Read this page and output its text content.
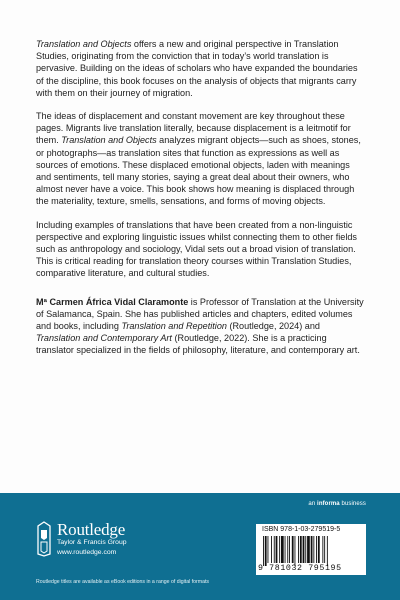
Translation and Objects offers a new and original perspective in Translation Studies, originating from the conviction that in today’s world translation is pervasive. Building on the ideas of scholars who have expanded the boundaries of the discipline, this book focuses on the analysis of objects that migrants carry with them on their journey of migration.

The ideas of displacement and constant movement are key throughout these pages. Migrants live translation literally, because displacement is a leitmotif for them. Translation and Objects analyzes migrant objects—such as shoes, stones, or photographs—as translation sites that function as expressions as well as sources of emotions. These displaced emotional objects, laden with meanings and sentiments, tell many stories, saying a great deal about their owners, who almost never have a voice. This book shows how meaning is displaced through the materiality, texture, smells, sensations, and forms of moving objects.

Including examples of translations that have been created from a non-linguistic perspective and exploring linguistic issues whilst connecting them to other fields such as anthropology and sociology, Vidal sets out a broad vision of translation. This is critical reading for translation theory courses within Translation Studies, comparative literature, and cultural studies.

Mª Carmen África Vidal Claramonte is Professor of Translation at the University of Salamanca, Spain. She has published articles and chapters, edited volumes and books, including Translation and Repetition (Routledge, 2024) and Translation and Contemporary Art (Routledge, 2022). She is a practicing translator specialized in the fields of philosophy, literature, and contemporary art.

an informa business
Routledge
Taylor & Francis Group
www.routledge.com
ISBN 978-1-03-279519-5
9 781032 795195
Routledge titles are available as eBook editions in a range of digital formats
